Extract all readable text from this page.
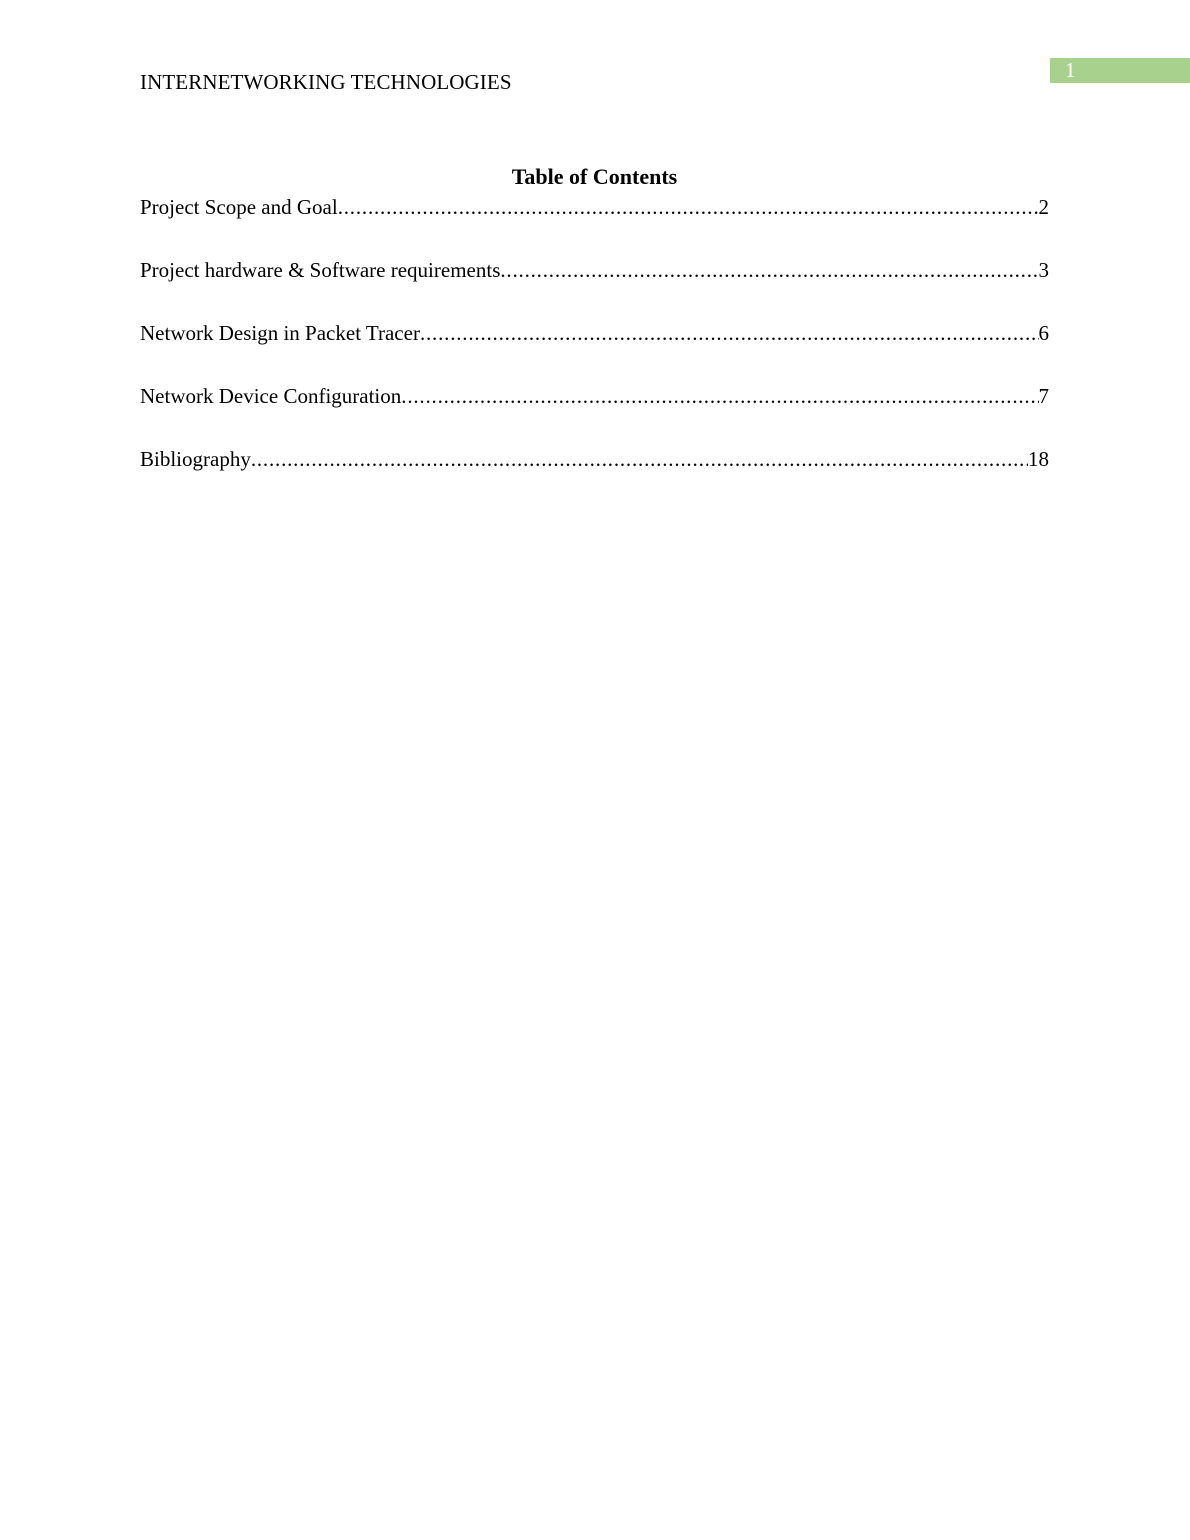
INTERNETWORKING TECHNOLOGIES	1
Table of Contents
Project Scope and Goal .....	2
Project hardware & Software requirements .....	3
Network Design in Packet Tracer .....	6
Network Device Configuration .....	7
Bibliography .....	18
